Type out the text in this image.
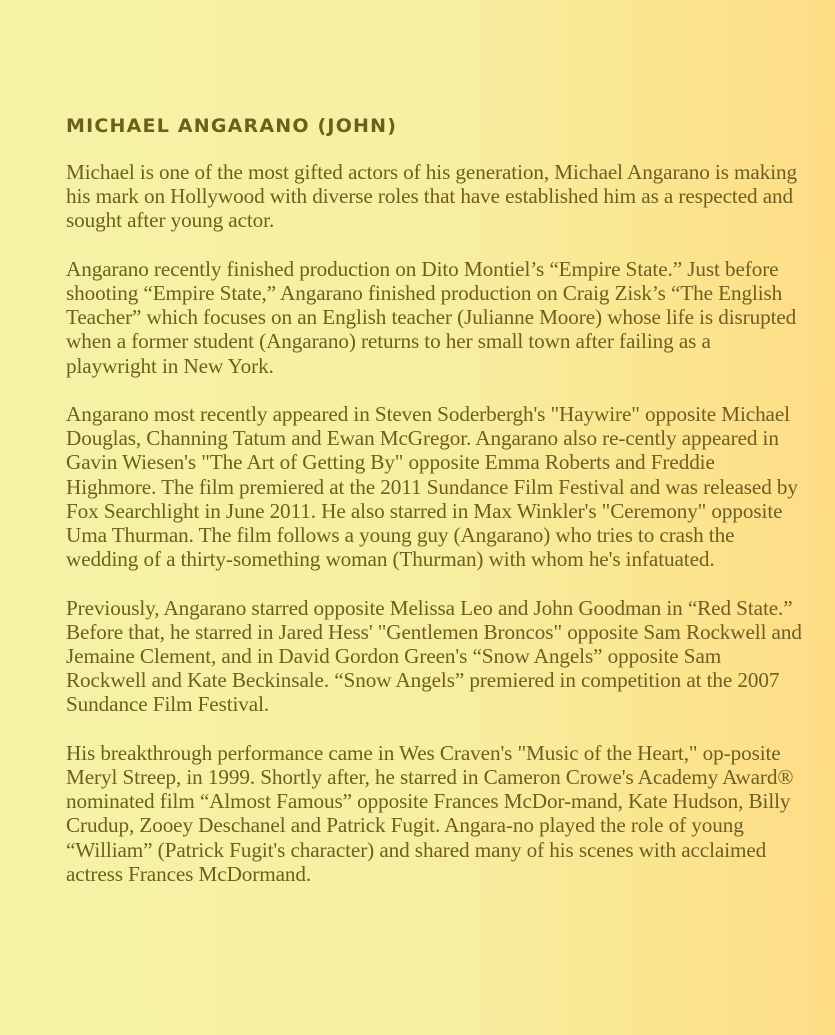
MICHAEL ANGARANO (JOHN)

Michael is one of the most gifted actors of his generation, Michael Angarano is making his mark on Hollywood with diverse roles that have established him as a respected and sought after young actor.

Angarano recently finished production on Dito Montiel’s “Empire State.” Just before shooting “Empire State,” Angarano finished production on Craig Zisk’s “The English Teacher” which focuses on an English teacher (Julianne Moore) whose life is disrupted when a former student (Angarano) returns to her small town after failing as a playwright in New York.

Angarano most recently appeared in Steven Soderbergh's "Haywire" opposite Michael Douglas, Channing Tatum and Ewan McGregor. Angarano also re-cently appeared in Gavin Wiesen's "The Art of Getting By" opposite Emma Roberts and Freddie Highmore. The film premiered at the 2011 Sundance Film Festival and was released by Fox Searchlight in June 2011. He also starred in Max Winkler's "Ceremony" opposite Uma Thurman. The film follows a young guy (Angarano) who tries to crash the wedding of a thirty-something woman (Thurman) with whom he's infatuated.

Previously, Angarano starred opposite Melissa Leo and John Goodman in “Red State.” Before that, he starred in Jared Hess' "Gentlemen Broncos" opposite Sam Rockwell and Jemaine Clement, and in David Gordon Green's “Snow Angels” opposite Sam Rockwell and Kate Beckinsale. “Snow Angels” premiered in competition at the 2007 Sundance Film Festival.

His breakthrough performance came in Wes Craven's "Music of the Heart," op-posite Meryl Streep, in 1999. Shortly after, he starred in Cameron Crowe's Academy Award® nominated film “Almost Famous” opposite Frances McDor-mand, Kate Hudson, Billy Crudup, Zooey Deschanel and Patrick Fugit. Angara-no played the role of young “William” (Patrick Fugit's character) and shared many of his scenes with acclaimed actress Frances McDormand.
